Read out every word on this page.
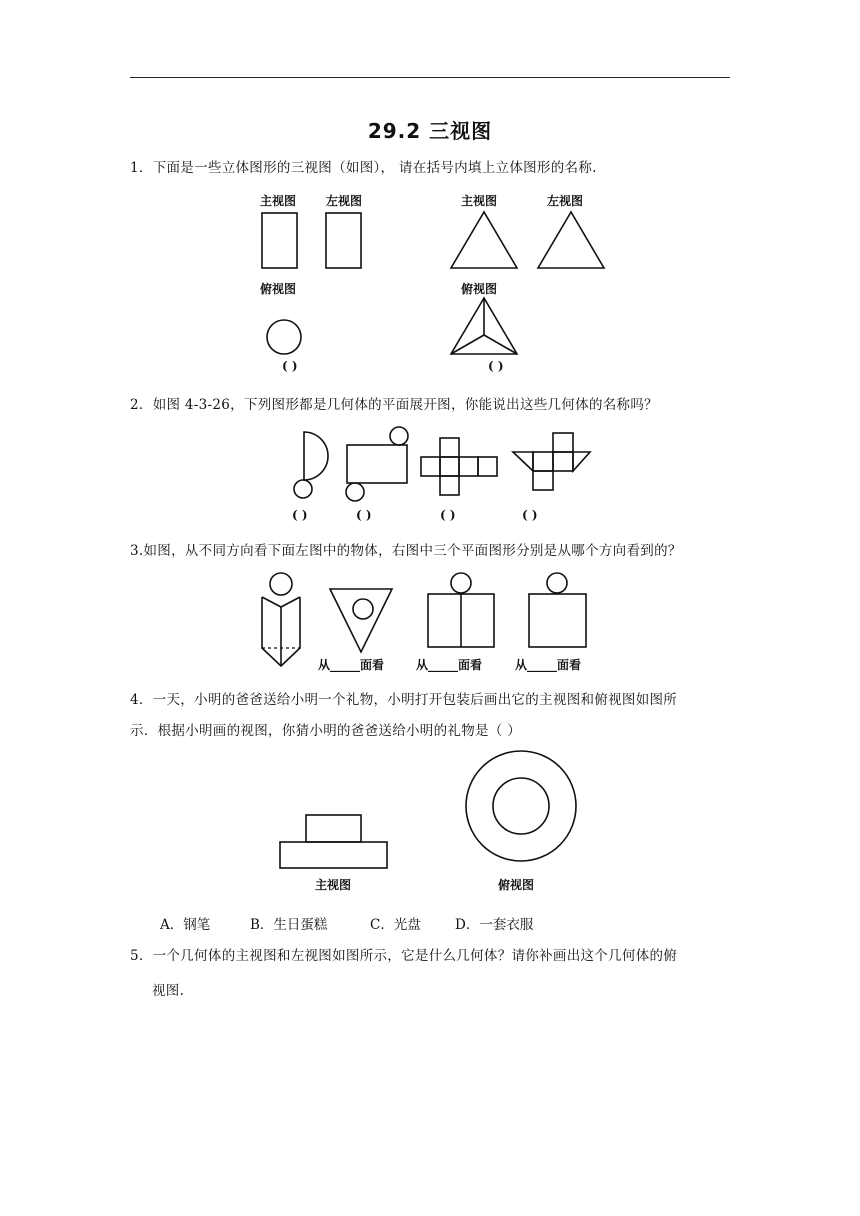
29.2 三视图
1．下面是一些立体图形的三视图（如图）， 请在括号内填上立体图形的名称.
主视图 左视图
俯视图
( )
主视图	左视图
俯视图
( )
2．如图 4-3-26，下列图形都是几何体的平面展开图，你能说出这些几何体的名称吗？
( )	( )	( )	( )
3.如图，从不同方向看下面左图中的物体，右图中三个平面图形分别是从哪个方向看到的？
从_____面看	从_____面看	从_____面看
4．一天，小明的爸爸送给小明一个礼物，小明打开包装后画出它的主视图和俯视图如图所
示．根据小明画的视图，你猜小明的爸爸送给小明的礼物是（ ）
主视图	俯视图
A．钢笔	B．生日蛋糕	C．光盘	D．一套衣服
5．一个几何体的主视图和左视图如图所示，它是什么几何体？请你补画出这个几何体的俯
视图.
